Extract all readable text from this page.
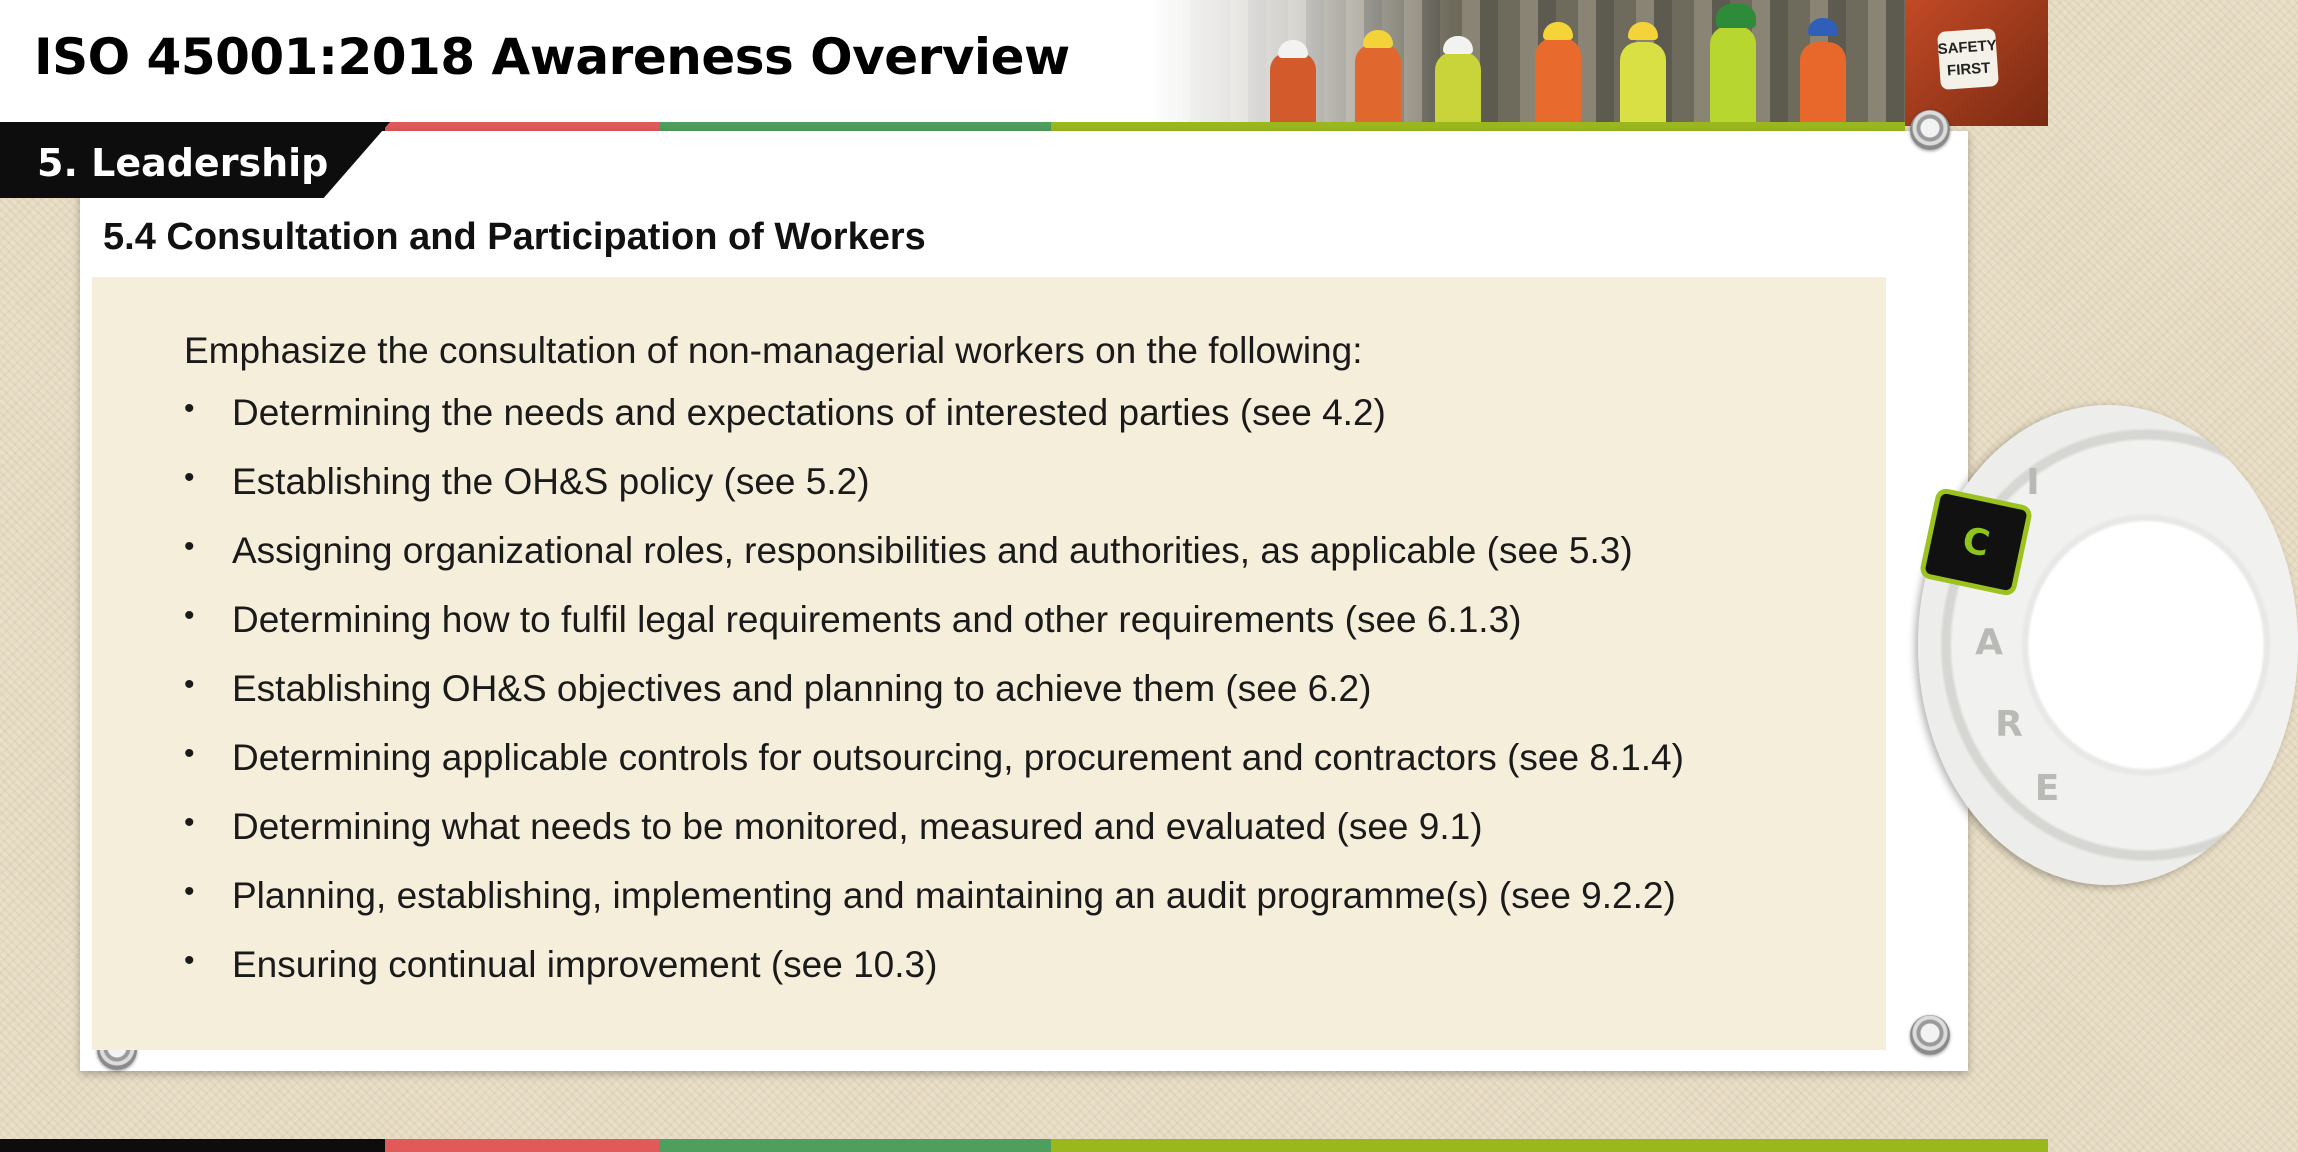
SAFETY
FIRST
ISO 45001:2018 Awareness Overview
5. Leadership
5.4 Consultation and Participation of Workers
Emphasize the consultation of non-managerial workers on the following:
• Determining the needs and expectations of interested parties (see 4.2)
• Establishing the OH&S policy (see 5.2)
• Assigning organizational roles, responsibilities and authorities, as applicable (see 5.3)
• Determining how to fulfil legal requirements and other requirements (see 6.1.3)
• Establishing OH&S objectives and planning to achieve them (see 6.2)
• Determining applicable controls for outsourcing, procurement and contractors (see 8.1.4)
• Determining what needs to be monitored, measured and evaluated (see 9.1)
• Planning, establishing, implementing and maintaining an audit programme(s) (see 9.2.2)
• Ensuring continual improvement (see 10.3)
I
C
A
R
E
